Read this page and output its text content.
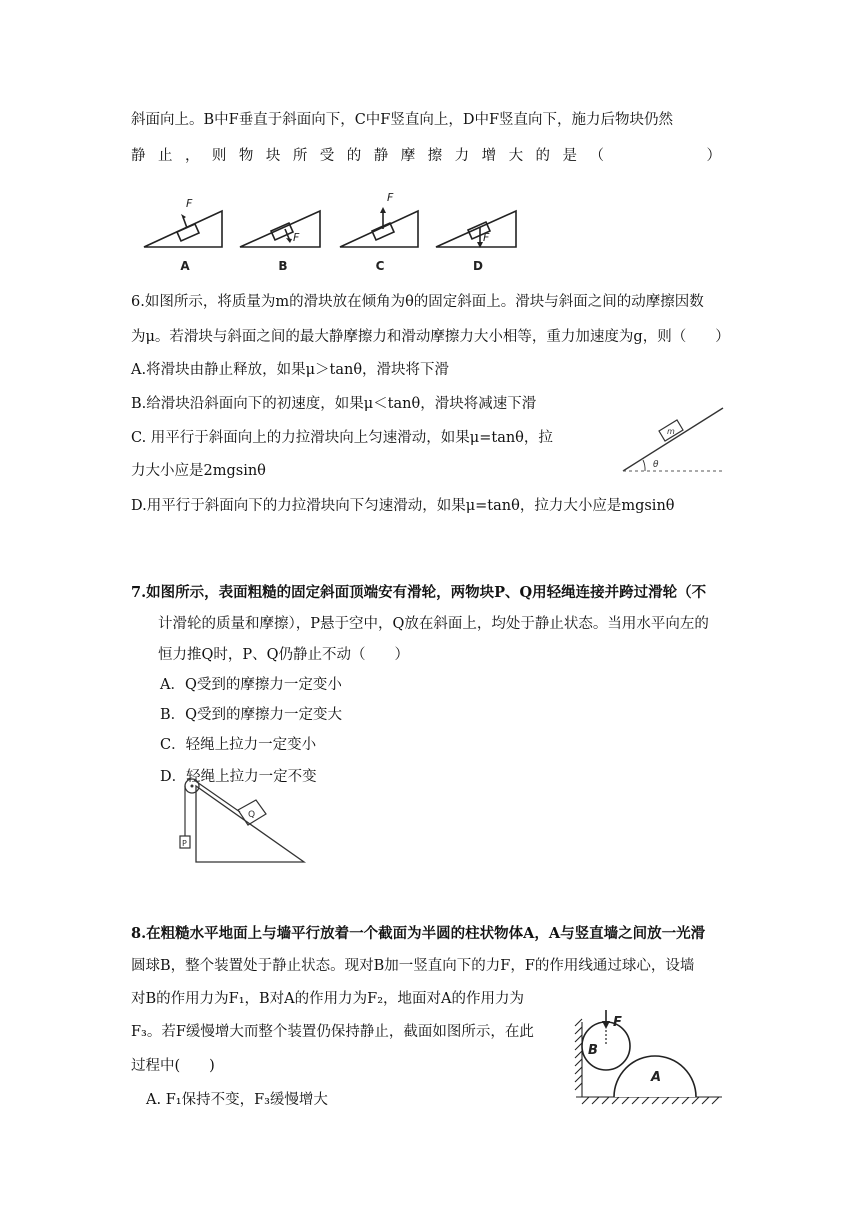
斜面向上。B中F垂直于斜面向下，C中F竖直向上，D中F竖直向下，施力后物块仍然
静 止 ， 则 物 块 所 受 的 静 摩 擦 力 增 大 的 是 （	）
F
F
F
F
A	B	C	D
6.如图所示，将质量为m的滑块放在倾角为θ的固定斜面上。滑块与斜面之间的动摩擦因数
为μ。若滑块与斜面之间的最大静摩擦力和滑动摩擦力大小相等，重力加速度为g，则（　　）
A.将滑块由静止释放，如果μ＞tanθ，滑块将下滑
B.给滑块沿斜面向下的初速度，如果μ＜tanθ，滑块将减速下滑
C. 用平行于斜面向上的力拉滑块向上匀速滑动，如果μ=tanθ，拉
力大小应是2mgsinθ
D.用平行于斜面向下的力拉滑块向下匀速滑动，如果μ=tanθ，拉力大小应是mgsinθ
m
θ
7.如图所示，表面粗糙的固定斜面顶端安有滑轮，两物块P、Q用轻绳连接并跨过滑轮（不
计滑轮的质量和摩擦），P悬于空中，Q放在斜面上，均处于静止状态。当用水平向左的
恒力推Q时，P、Q仍静止不动（　　）
A．Q受到的摩擦力一定变小
B．Q受到的摩擦力一定变大
C．轻绳上拉力一定变小
D．轻绳上拉力一定不变
P
Q
8.在粗糙水平地面上与墙平行放着一个截面为半圆的柱状物体A，A与竖直墙之间放一光滑
圆球B，整个装置处于静止状态。现对B加一竖直向下的力F，F的作用线通过球心，设墙
对B的作用力为F₁，B对A的作用力为F₂，地面对A的作用力为
F₃。若F缓慢增大而整个装置仍保持静止，截面如图所示，在此
过程中(　　)
A. F₁保持不变，F₃缓慢增大
F
B
A
